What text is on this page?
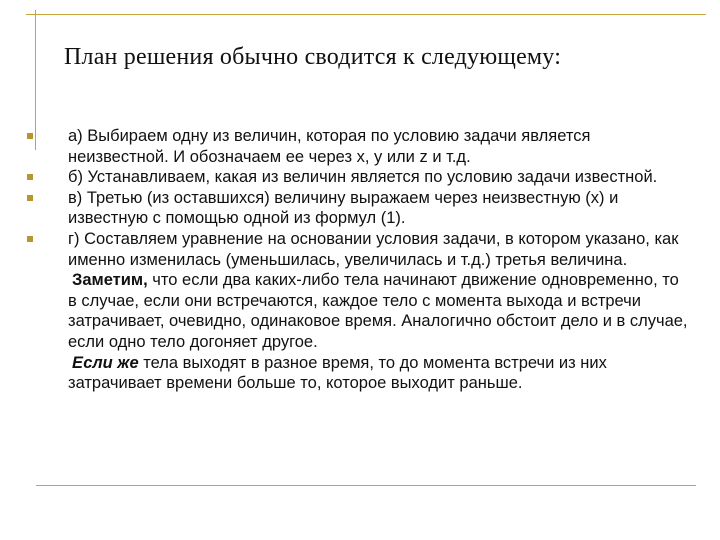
План решения обычно сводится к следующему:
а) Выбираем одну из величин, которая по условию задачи является неизвестной. И обозначаем ее через x, y или z и т.д.
б) Устанавливаем, какая из величин является по условию задачи известной.
в) Третью (из оставшихся) величину выражаем через неизвестную (x) и известную с помощью одной из формул (1).
г) Составляем уравнение на основании условия задачи, в котором указано, как именно изменилась (уменьшилась, увеличилась и т.д.) третья величина.

Заметим, что если два каких-либо тела начинают движение одновременно, то в случае, если они встречаются, каждое тело с момента выхода и встречи затрачивает, очевидно, одинаковое время. Аналогично обстоит дело и в случае, если одно тело догоняет другое.

Если же тела выходят в разное время, то до момента встречи из них затрачивает времени больше то, которое выходит раньше.
